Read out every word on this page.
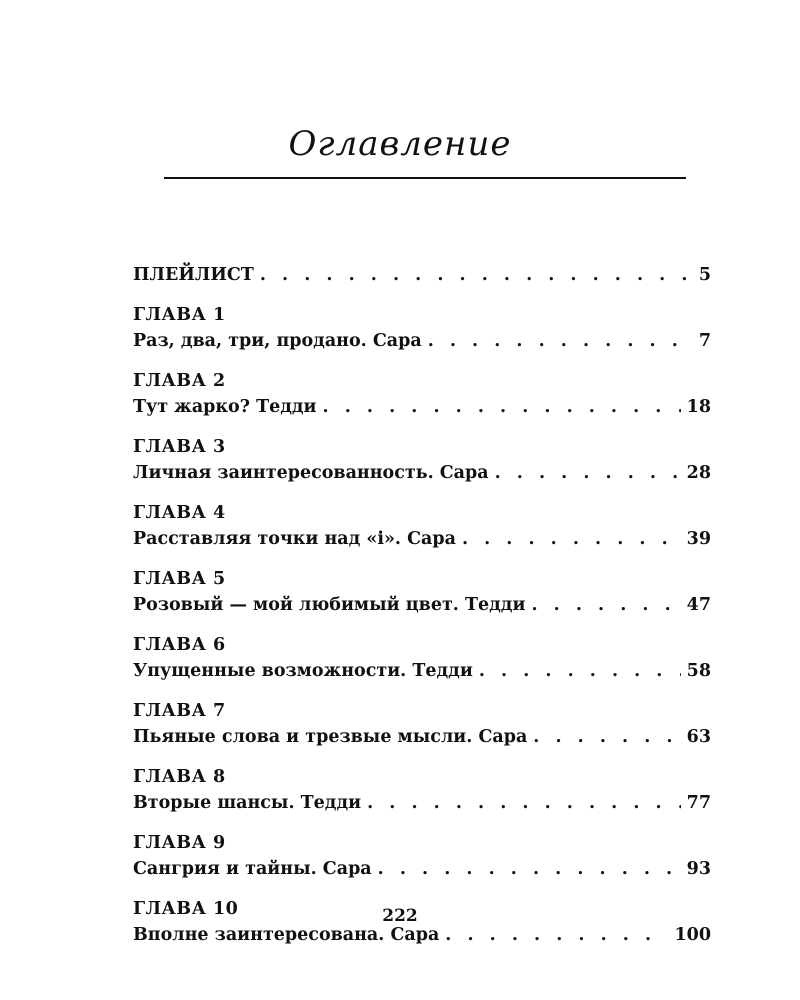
Оглавление
ПЛЕЙЛИСТ . . .	5
ГЛАВА 1
Раз, два, три, продано. Сара . . .	7
ГЛАВА 2
Тут жарко? Тедди . . .	18
ГЛАВА 3
Личная заинтересованность. Сара . . .	28
ГЛАВА 4
Расставляя точки над «i». Сара . . .	39
ГЛАВА 5
Розовый — мой любимый цвет. Тедди . . .	47
ГЛАВА 6
Упущенные возможности. Тедди . . .	58
ГЛАВА 7
Пьяные слова и трезвые мысли. Сара . . .	63
ГЛАВА 8
Вторые шансы. Тедди . . .	77
ГЛАВА 9
Сангрия и тайны. Сара . . .	93
ГЛАВА 10
Вполне заинтересована. Сара . . .	100
222
